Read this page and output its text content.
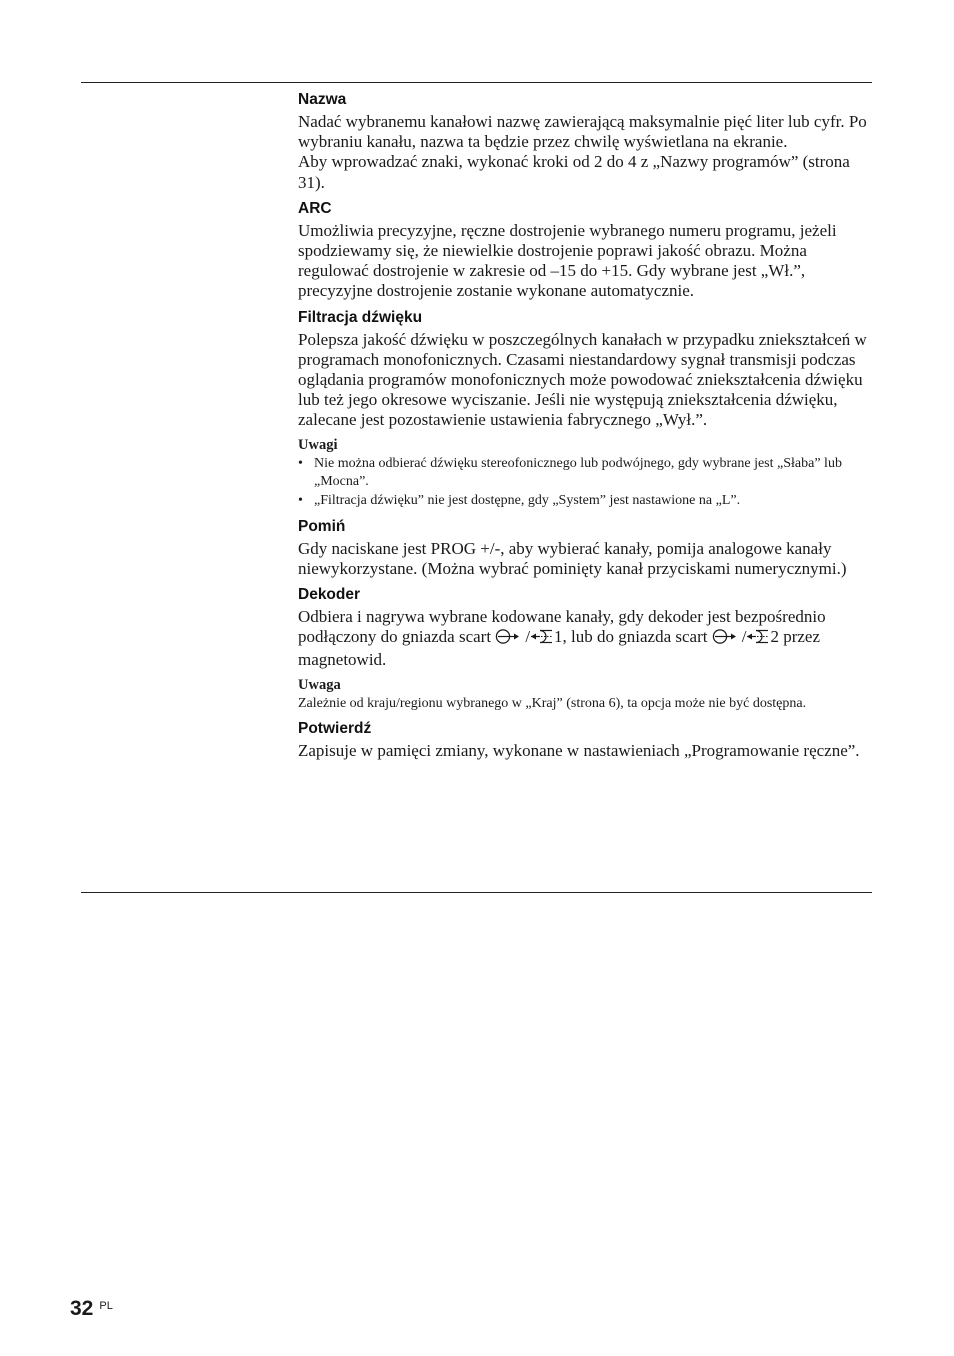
Nazwa

Nadać wybranemu kanałowi nazwę zawierającą maksymalnie pięć liter lub cyfr. Po wybraniu kanału, nazwa ta będzie przez chwilę wyświetlana na ekranie.

Aby wprowadzać znaki, wykonać kroki od 2 do 4 z „Nazwy programów” (strona 31).

ARC

Umożliwia precyzyjne, ręczne dostrojenie wybranego numeru programu, jeżeli spodziewamy się, że niewielkie dostrojenie poprawi jakość obrazu. Można regulować dostrojenie w zakresie od –15 do +15. Gdy wybrane jest „Wł.”, precyzyjne dostrojenie zostanie wykonane automatycznie.

Filtracja dźwięku

Polepsza jakość dźwięku w poszczególnych kanałach w przypadku zniekształceń w programach monofonicznych. Czasami niestandardowy sygnał transmisji podczas oglądania programów monofonicznych może powodować zniekształcenia dźwięku lub też jego okresowe wyciszanie. Jeśli nie występują zniekształcenia dźwięku, zalecane jest pozostawienie ustawienia fabrycznego „Wył.”.

Uwagi
• Nie można odbierać dźwięku stereofonicznego lub podwójnego, gdy wybrane jest „Słaba” lub „Mocna”.
• „Filtracja dźwięku” nie jest dostępne, gdy „System” jest nastawione na „L”.
Pomiń

Gdy naciskane jest PROG +/-, aby wybierać kanały, pomija analogowe kanały niewykorzystane. (Można wybrać pominięty kanał przyciskami numerycznymi.)

Dekoder

Odbiera i nagrywa wybrane kodowane kanały, gdy dekoder jest bezpośrednio podłączony do gniazda scart / 1, lub do gniazda scart / 2 przez magnetowid.

Uwaga

Zależnie od kraju/regionu wybranego w „Kraj” (strona 6), ta opcja może nie być dostępna.

Potwierdź

Zapisuje w pamięci zmiany, wykonane w nastawieniach „Programowanie ręczne”.

32 $^{PL}$
